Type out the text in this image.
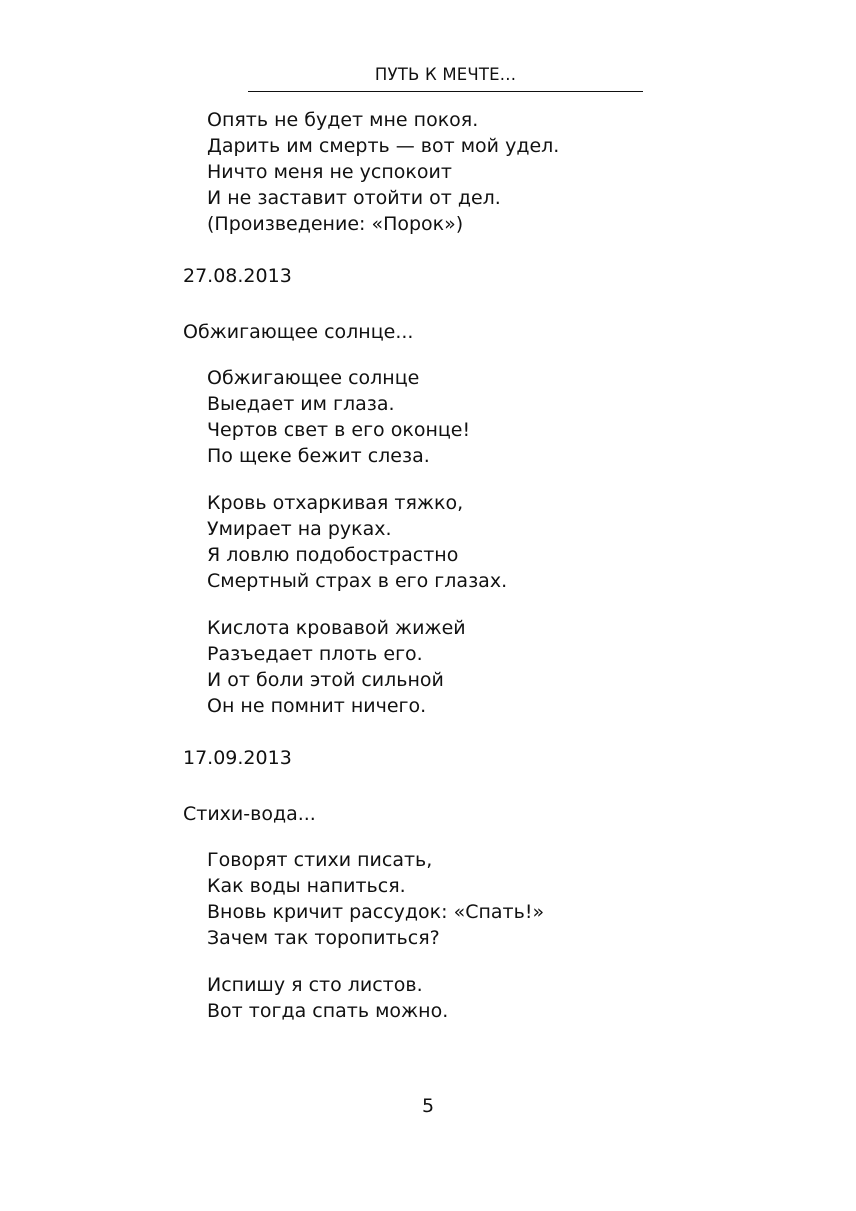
ПУТЬ К МЕЧТЕ...
Опять не будет мне покоя.
Дарить им смерть — вот мой удел.
Ничто меня не успокоит
И не заставит отойти от дел.
(Произведение: «Порок»)
27.08.2013
Обжигающее солнце...
Обжигающее солнце
Выедает им глаза.
Чертов свет в его оконце!
По щеке бежит слеза.
Кровь отхаркивая тяжко,
Умирает на руках.
Я ловлю подобострастно
Смертный страх в его глазах.
Кислота кровавой жижей
Разъедает плоть его.
И от боли этой сильной
Он не помнит ничего.
17.09.2013
Стихи-вода...
Говорят стихи писать,
Как воды напиться.
Вновь кричит рассудок: «Спать!»
Зачем так торопиться?
Испишу я сто листов.
Вот тогда спать можно.
5
